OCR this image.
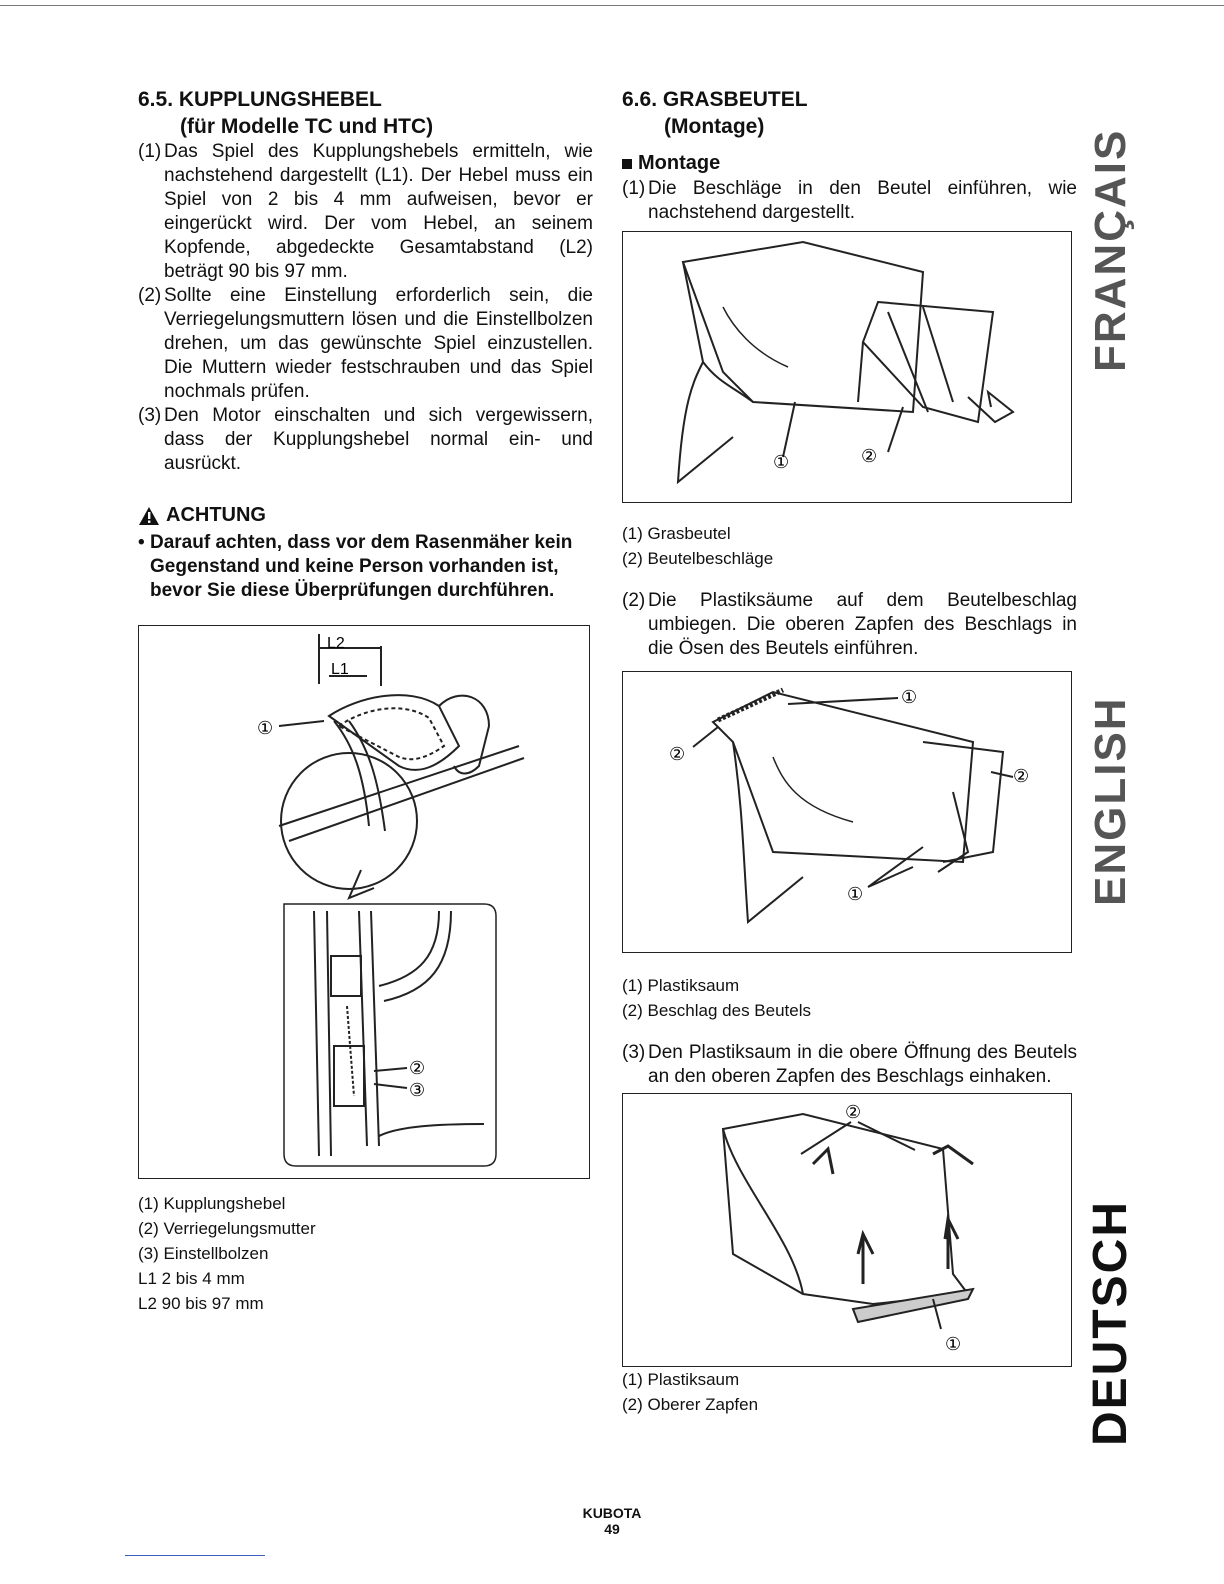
6.5. KUPPLUNGSHEBEL
(für Modelle TC und HTC)

(1) Das Spiel des Kupplungshebels ermitteln, wie nachstehend dargestellt (L1). Der Hebel muss ein Spiel von 2 bis 4 mm aufweisen, bevor er eingerückt wird. Der vom Hebel, an seinem Kopfende, abgedeckte Gesamtabstand (L2) beträgt 90 bis 97 mm.

(2) Sollte eine Einstellung erforderlich sein, die Verriegelungsmuttern lösen und die Einstellbolzen drehen, um das gewünschte Spiel einzustellen. Die Muttern wieder festschrauben und das Spiel nochmals prüfen.

(3) Den Motor einschalten und sich vergewissern, dass der Kupplungshebel normal ein- und ausrückt.

ACHTUNG
• Darauf achten, dass vor dem Rasenmäher kein Gegenstand und keine Person vorhanden ist, bevor Sie diese Überprüfungen durchführen.
L2
L1
①
②
③
(1) Kupplungshebel
(2) Verriegelungsmutter
(3) Einstellbolzen
L1 2 bis 4 mm
L2 90 bis 97 mm
6.6. GRASBEUTEL
(Montage)
Montage

(1) Die Beschläge in den Beutel einführen, wie nachstehend dargestellt.

①	②
(1) Grasbeutel
(2) Beutelbeschläge

(2) Die Plastiksäume auf dem Beutelbeschlag umbiegen. Die oberen Zapfen des Beschlags in die Ösen des Beutels einführen.

①
②
②
①
(1) Plastiksaum
(2) Beschlag des Beutels

(3) Den Plastiksaum in die obere Öffnung des Beutels an den oberen Zapfen des Beschlags einhaken.

②
①
(1) Plastiksaum
(2) Oberer Zapfen
FRANÇAIS
ENGLISH
DEUTSCH
KUBOTA
49
